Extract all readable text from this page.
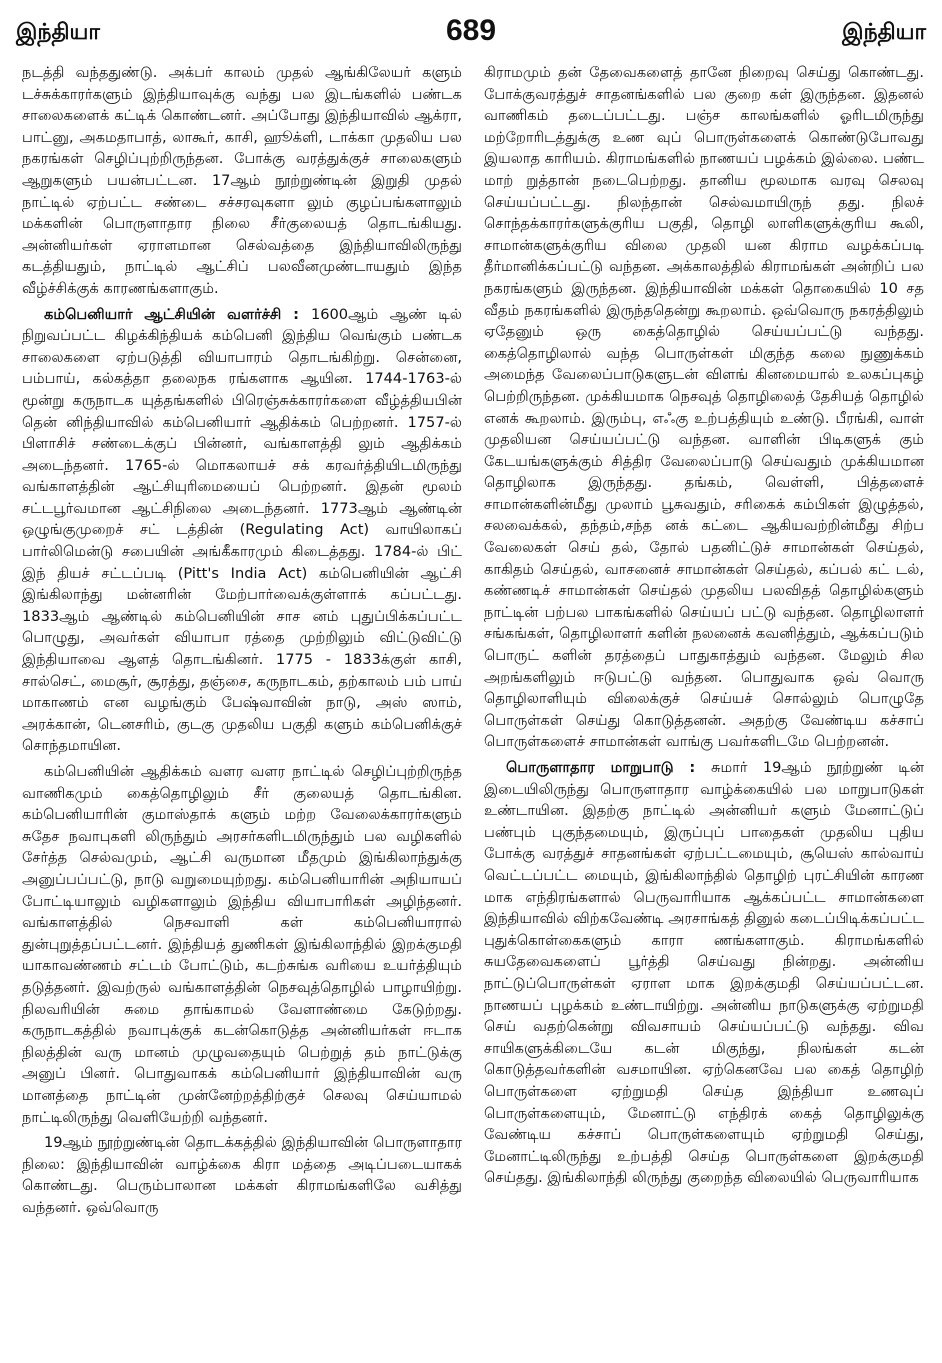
இந்தியா	689	இந்தியா

நடத்தி வந்ததுண்டு. அக்பர் காலம் முதல் ஆங்கிலேயர் களும் டச்சுக்காரர்களும் இந்தியாவுக்கு வந்து பல இடங்களில் பண்டக சாலைகளைக் கட்டிக் கொண்டனர். அப்போது இந்தியாவில் ஆக்ரா, பாட்னு, அகமதாபாத், லாகூர், காசி, ஹூக்ளி, டாக்கா முதலிய பல நகரங்கள் செழிப்புற்றிருந்தன. போக்கு வரத்துக்குச் சாலைகளும் ஆறுகளும் பயன்பட்டன. 17ஆம் நூற்றுண்டின் இறுதி முதல் நாட்டில் ஏற்பட்ட சண்டை சச்சரவுகளா லும் குழப்பங்களாலும் மக்களின் பொருளாதார நிலை சீர்குலையத் தொடங்கியது. அன்னியர்கள் ஏராளமான செல்வத்தை இந்தியாவிலிருந்து கடத்தியதும், நாட்டில் ஆட்சிப் பலவீனமுண்டாயதும் இந்த வீழ்ச்சிக்குக் காரணங்களாகும்.

கம்பெனியார் ஆட்சியின் வளர்ச்சி : 1600ஆம் ஆண் டில் நிறுவப்பட்ட கிழக்கிந்தியக் கம்பெனி இந்திய வெங்கும் பண்டக சாலைகளை ஏற்படுத்தி வியாபாரம் தொடங்கிற்று. சென்னை, பம்பாய், கல்கத்தா தலைநக ரங்களாக ஆயின. 1744-1763-ல் மூன்று கருநாடக யுத்தங்களில் பிரெஞ்சுக்காரர்களை வீழ்த்தியபின் தென் னிந்தியாவில் கம்பெனியார் ஆதிக்கம் பெற்றனர். 1757-ல் பிளாசிச் சண்டைக்குப் பின்னர், வங்காளத்தி லும் ஆதிக்கம் அடைந்தனர். 1765-ல் மொகலாயச் சக் கரவர்த்தியிடமிருந்து வங்காளத்தின் ஆட்சியுரிமையைப் பெற்றனர். இதன் மூலம் சட்டபூர்வமான ஆட்சிநிலை அடைந்தனர். 1773ஆம் ஆண்டின் ஒழுங்குமுறைச் சட் டத்தின் (Regulating Act) வாயிலாகப் பார்லிமென்டு சபையின் அங்கீகாரமும் கிடைத்தது. 1784-ல் பிட் இந் தியச் சட்டப்படி (Pitt's India Act) கம்பெனியின் ஆட்சி இங்கிலாந்து மன்னரின் மேற்பார்வைக்குள்ளாக் கப்பட்டது. 1833ஆம் ஆண்டில் கம்பெனியின் சாச னம் புதுப்பிக்கப்பட்ட பொழுது, அவர்கள் வியாபா ரத்தை முற்றிலும் விட்டுவிட்டு இந்தியாவை ஆளத் தொடங்கினர். 1775 - 1833க்குள் காசி, சால்செட், மைசூர், சூரத்து, தஞ்சை, கருநாடகம், தற்காலம் பம் பாய் மாகாணம் என வழங்கும் பேஷ்வாவின் நாடு, அஸ் ஸாம், அரக்கான், டெனசரிம், குடகு முதலிய பகுதி களும் கம்பெனிக்குச் சொந்தமாயின.

கம்பெனியின் ஆதிக்கம் வளர வளர நாட்டில் செழிப்புற்றிருந்த வாணிகமும் கைத்தொழிலும் சீர் குலையத் தொடங்கின. கம்பெனியாரின் குமாஸ்தாக் களும் மற்ற வேலைக்காரர்களும் சுதேச நவாபுகளி லிருந்தும் அரசர்களிடமிருந்தும் பல வழிகளில் சேர்த்த செல்வமும், ஆட்சி வருமான மீதமும் இங்கிலாந்துக்கு அனுப்பப்பட்டு, நாடு வறுமையுற்றது. கம்பெனியாரின் அநியாயப் போட்டியாலும் வழிகளாலும் இந்திய வியாபாரிகள் அழிந்தனர். வங்காளத்தில் நெசவாளி கள் கம்பெனியாரால் துன்புறுத்தப்பட்டனர். இந்தியத் துணிகள் இங்கிலாந்தில் இறக்குமதி யாகாவண்ணம் சட்டம் போட்டும், கடற்சுங்க வரியை உயர்த்தியும் தடுத்தனர். இவற்ருல் வங்காளத்தின் நெசவுத்தொழில் பாழாயிற்று. நிலவரியின் சுமை தாங்காமல் வேளாண்மை கேடுற்றது. கருநாடகத்தில் நவாபுக்குக் கடன்கொடுத்த அன்னியர்கள் ஈடாக நிலத்தின் வரு மானம் முழுவதையும் பெற்றுத் தம் நாட்டுக்கு அனுப் பினர். பொதுவாகக் கம்பெனியார் இந்தியாவின் வரு மானத்தை நாட்டின் முன்னேற்றத்திற்குச் செலவு செய்யாமல் நாட்டிலிருந்து வெளியேற்றி வந்தனர்.

19ஆம் நூற்றுண்டின் தொடக்கத்தில் இந்தியாவின் பொருளாதார நிலை: இந்தியாவின் வாழ்க்கை கிரா மத்தை அடிப்படையாகக் கொண்டது. பெரும்பாலான மக்கள் கிராமங்களிலே வசித்து வந்தனர். ஒவ்வொரு

கிராமமும் தன் தேவைகளைத் தானே நிறைவு செய்து கொண்டது. போக்குவரத்துச் சாதனங்களில் பல குறை கள் இருந்தன. இதனல் வாணிகம் தடைப்பட்டது. பஞ்ச காலங்களில் ஓரிடமிருந்து மற்றோரிடத்துக்கு உண வுப் பொருள்களைக் கொண்டுபோவது இயலாத காரியம். கிராமங்களில் நாணயப் பழக்கம் இல்லை. பண்ட மாற் றுத்தான் நடைபெற்றது. தானிய மூலமாக வரவு செலவு செய்யப்பட்டது. நிலந்தான் செல்வமாயிருந் தது. நிலச் சொந்தக்காரர்களுக்குரிய பகுதி, தொழி லாளிகளுக்குரிய கூலி, சாமான்களுக்குரிய விலை முதலி யன கிராம வழக்கப்படி தீர்மானிக்கப்பட்டு வந்தன. அக்காலத்தில் கிராமங்கள் அன்றிப் பல நகரங்களும் இருந்தன. இந்தியாவின் மக்கள் தொகையில் 10 சத வீதம் நகரங்களில் இருந்ததென்று கூறலாம். ஒவ்வொரு நகரத்திலும் ஏதேனும் ஒரு கைத்தொழில் செய்யப்பட்டு வந்தது. கைத்தொழிலால் வந்த பொருள்கள் மிகுந்த கலை நுணுக்கம் அமைந்த வேலைப்பாடுகளுடன் விளங் கினமையால் உலகப்புகழ் பெற்றிருந்தன. முக்கியமாக நெசவுத் தொழிலைத் தேசியத் தொழில் எனக் கூறலாம். இரும்பு, எஃகு உற்பத்தியும் உண்டு. பீரங்கி, வாள் முதலியன செய்யப்பட்டு வந்தன. வாளின் பிடிகளுக் கும் கேடயங்களுக்கும் சித்திர வேலைப்பாடு செய்வதும் முக்கியமான தொழிலாக இருந்தது. தங்கம், வெள்ளி, பித்தளைச் சாமான்களின்மீது முலாம் பூசுவதும், சரிகைக் கம்பிகள் இழுத்தல், சலவைக்கல், தந்தம்,சந்த னக் கட்டை ஆகியவற்றின்மீது சிற்ப வேலைகள் செய் தல், தோல் பதனிட்டுச் சாமான்கள் செய்தல், காகிதம் செய்தல், வாசனைச் சாமான்கள் செய்தல், கப்பல் கட் டல், கண்ணடிச் சாமான்கள் செய்தல் முதலிய பலவிதத் தொழில்களும் நாட்டின் பற்பல பாகங்களில் செய்யப் பட்டு வந்தன. தொழிலாளர் சங்கங்கள், தொழிலாளர் களின் நலனைக் கவனித்தும், ஆக்கப்படும் பொருட் களின் தரத்தைப் பாதுகாத்தும் வந்தன. மேலும் சில அறங்களிலும் ஈடுபட்டு வந்தன. பொதுவாக ஒவ் வொரு தொழிலாளியும் விலைக்குச் செய்யச் சொல்லும் பொழுதே பொருள்கள் செய்து கொடுத்தனன். அதற்கு வேண்டிய கச்சாப் பொருள்களைச் சாமான்கள் வாங்கு பவர்களிடமே பெற்றனன்.

பொருளாதார மாறுபாடு : சுமார் 19ஆம் நூற்றுண் டின் இடையிலிருந்து பொருளாதார வாழ்க்கையில் பல மாறுபாடுகள் உண்டாயின. இதற்கு நாட்டில் அன்னியர் களும் மேனாட்டுப் பண்பும் புகுந்தமையும், இருப்புப் பாதைகள் முதலிய புதிய போக்கு வரத்துச் சாதனங்கள் ஏற்பட்டமையும், சூயெஸ் கால்வாய் வெட்டப்பட்ட மையும், இங்கிலாந்தில் தொழிற் புரட்சியின் காரண மாக எந்திரங்களால் பெருவாரியாக ஆக்கப்பட்ட சாமான்களை இந்தியாவில் விற்கவேண்டி அரசாங்கத் தினுல் கடைப்பிடிக்கப்பட்ட புதுக்கொள்கைகளும் காரா ணங்களாகும். கிராமங்களில் சுயதேவைகளைப் பூர்த்தி செய்வது நின்றது. அன்னிய நாட்டுப்பொருள்கள் ஏராள மாக இறக்குமதி செய்யப்பட்டன. நாணயப் புழக்கம் உண்டாயிற்று. அன்னிய நாடுகளுக்கு ஏற்றுமதி செய் வதற்கென்று விவசாயம் செய்யப்பட்டு வந்தது. விவ சாயிகளுக்கிடையே கடன் மிகுந்து, நிலங்கள் கடன் கொடுத்தவர்களின் வசமாயின. ஏற்கெனவே பல கைத் தொழிற் பொருள்களை ஏற்றுமதி செய்த இந்தியா உணவுப் பொருள்களையும், மேனாட்டு எந்திரக் கைத் தொழிலுக்கு வேண்டிய கச்சாப் பொருள்களையும் ஏற்றுமதி செய்து, மேனாட்டிலிருந்து உற்பத்தி செய்த பொருள்களை இறக்குமதி செய்தது. இங்கிலாந்தி லிருந்து குறைந்த விலையில் பெருவாரியாக
